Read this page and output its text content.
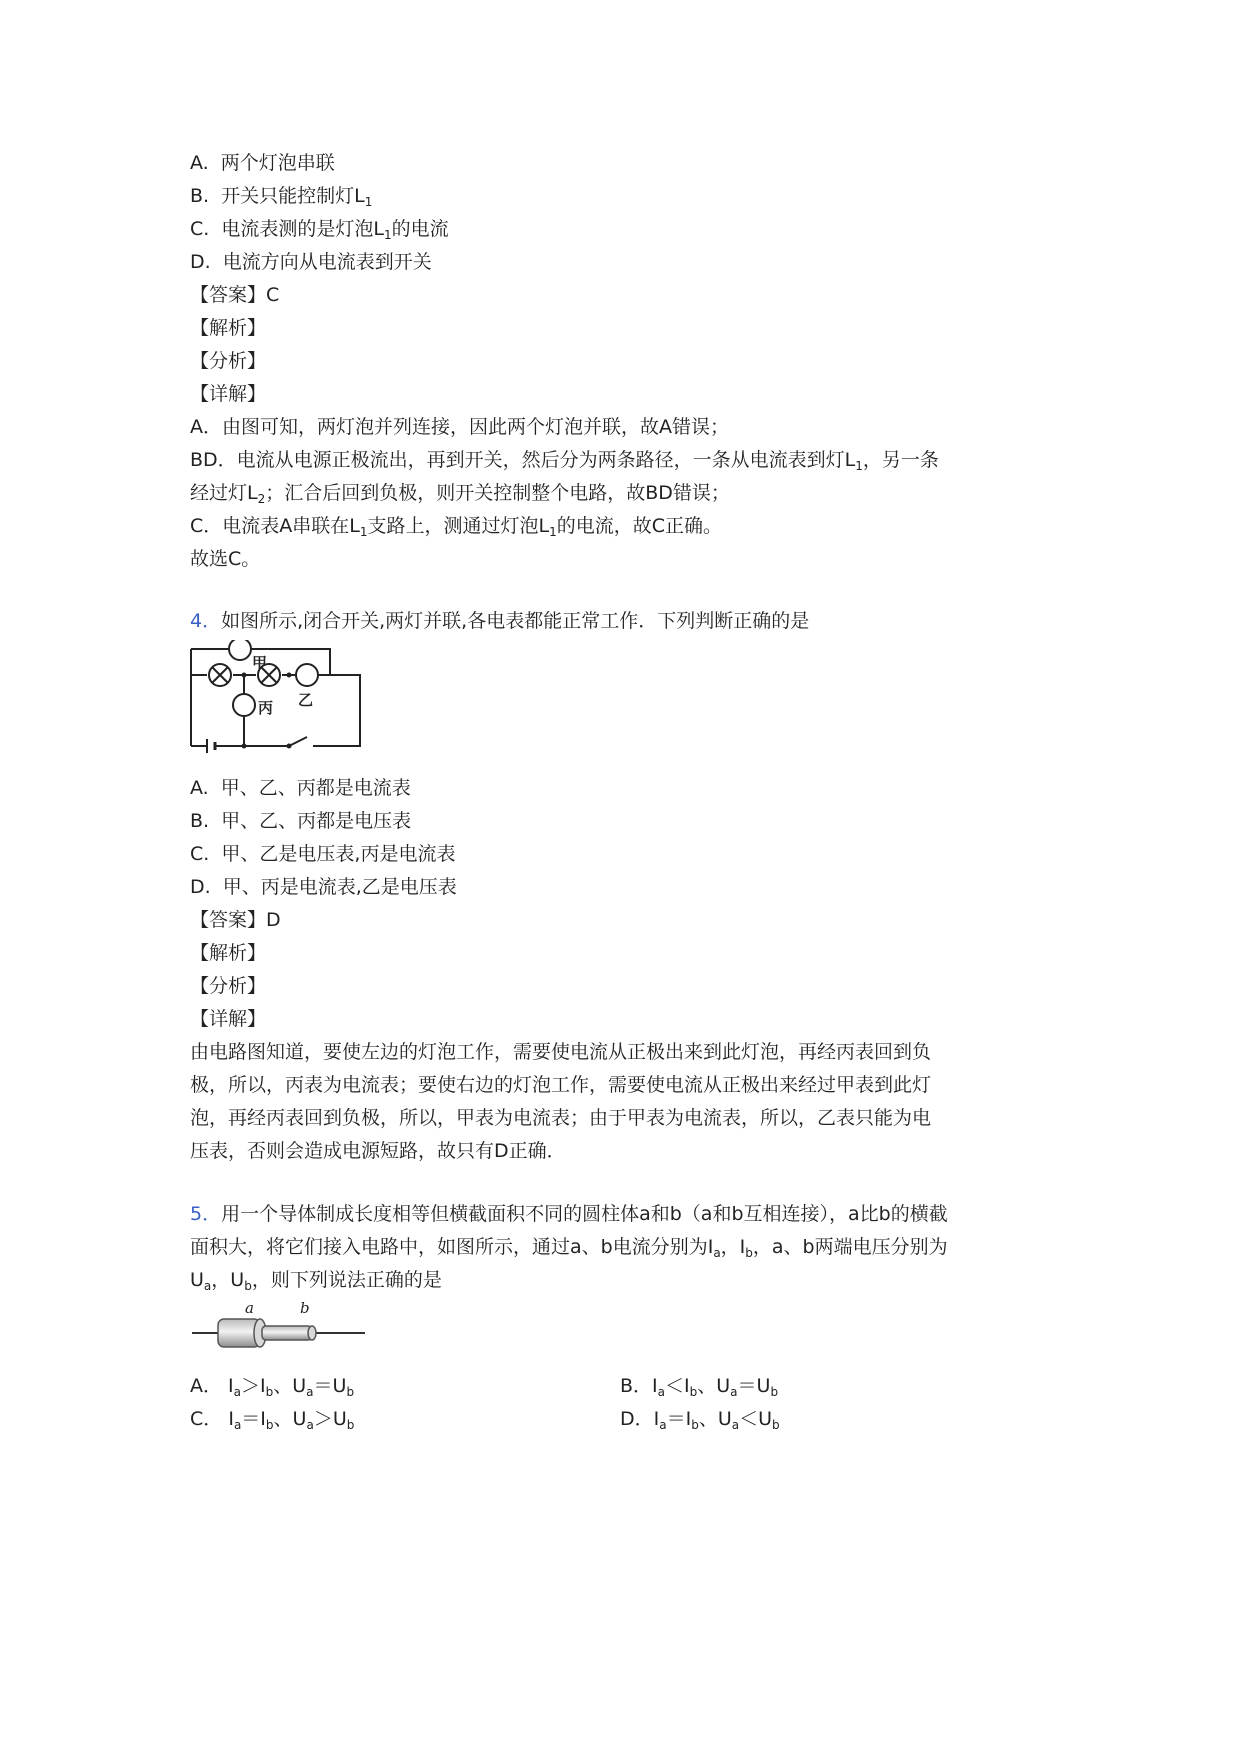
A. 两个灯泡串联
B. 开关只能控制灯$L_1$
C. 电流表测的是灯泡$L_1$的电流
D. 电流方向从电流表到开关
【答案】C
【解析】
【分析】
【详解】
A．由图可知，两灯泡并列连接，因此两个灯泡并联，故A错误；
BD．电流从电源正极流出，再到开关，然后分为两条路径，一条从电流表到灯$L_1$，另一条
经过灯$L_2$；汇合后回到负极，则开关控制整个电路，故BD错误；
C．电流表A串联在$L_1$支路上，测通过灯泡$L_1$的电流，故C正确。
故选C。
4．如图所示,闭合开关,两灯并联,各电表都能正常工作．下列判断正确的是
甲
乙
丙
A. 甲、乙、丙都是电流表
B. 甲、乙、丙都是电压表
C. 甲、乙是电压表,丙是电流表
D. 甲、丙是电流表,乙是电压表
【答案】D
【解析】
【分析】
【详解】
由电路图知道，要使左边的灯泡工作，需要使电流从正极出来到此灯泡，再经丙表回到负
极，所以，丙表为电流表；要使右边的灯泡工作，需要使电流从正极出来经过甲表到此灯
泡，再经丙表回到负极，所以，甲表为电流表；由于甲表为电流表，所以，乙表只能为电
压表，否则会造成电源短路，故只有D正确．
5．用一个导体制成长度相等但横截面积不同的圆柱体a和b（a和b互相连接），a比b的横截
面积大，将它们接入电路中，如图所示，通过a、b电流分别为$I_a$，$I_b$，a、b两端电压分别为
$U_a$，$U_b$，则下列说法正确的是
a	b
A． $I_a>I_b$、$U_a=U_b$	B．$I_a<I_b$、$U_a=U_b$
C． $I_a=I_b$、$U_a>U_b$	D．$I_a=I_b$、$U_a<U_b$
